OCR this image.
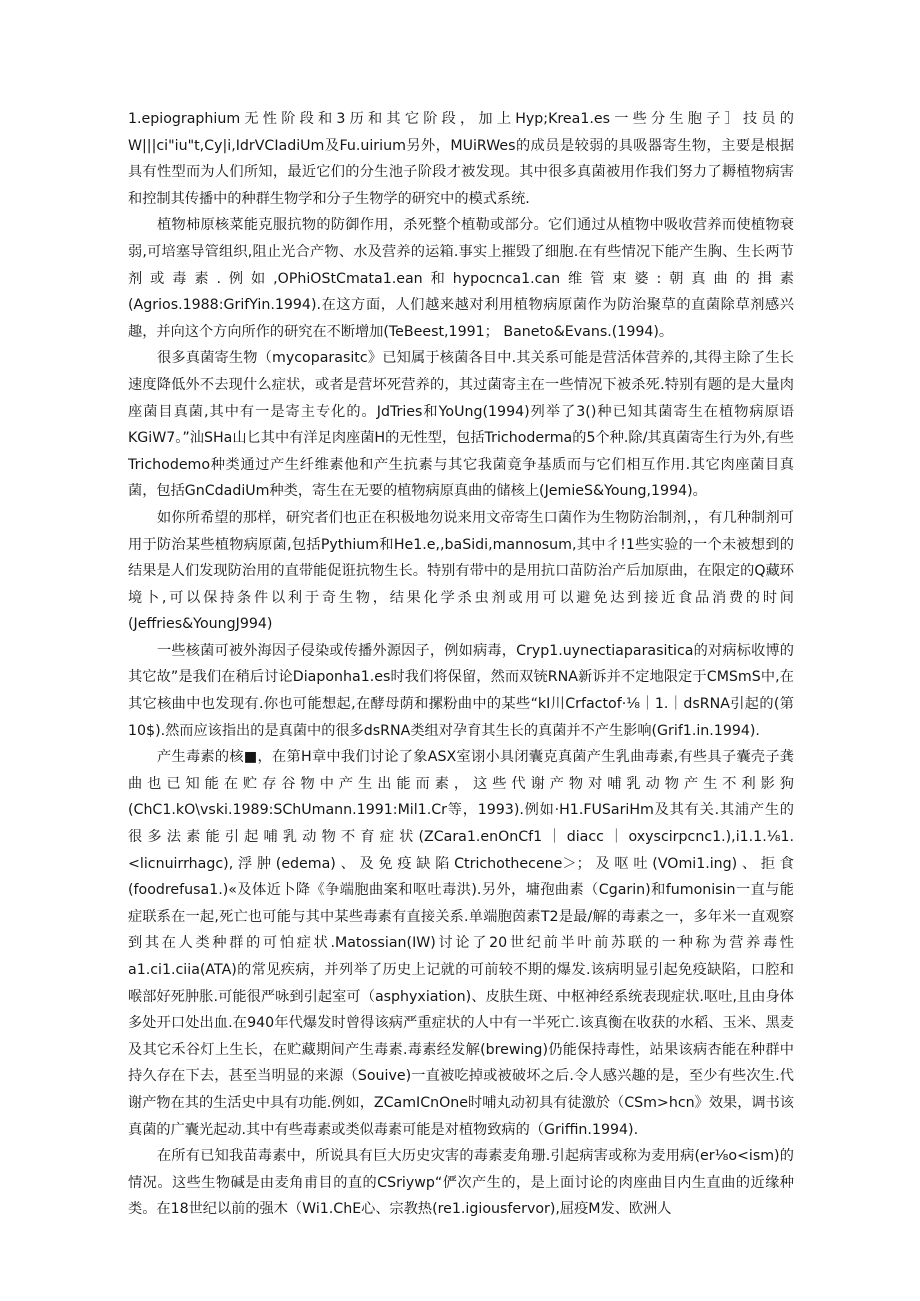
1.epiographium无性阶段和3历和其它阶段，加上Hyp;Krea1.es一些分生胞子］技员的W|||ci"iu"t,Cy|i,IdrVCIadiUm及Fu.uirium另外，MUiRWes的成员是较弱的具吸器寄生物，主要是根据具有性型而为人们所知，最近它们的分生池子阶段才被发现。其中很多真菌被用作我们努力了耨植物病害和控制其传播中的种群生物学和分子生物学的研究中的模式系统.

植物柿原核菜能克服抗物的防御作用，杀死整个植勒或部分。它们通过从植物中吸收营养而使植物衰弱,可培塞导管组织,阻止光合产物、水及营养的运箱.事实上摧毁了细胞.在有些情况下能产生胸、生长两节剂或毒素.例如,OPhiOStCmata1.ean和hypocnca1.can维管束婆:朝真曲的揖素(Agrios.1988:GrifYin.1994).在这方面，人们越来越对利用植物病原菌作为防治聚草的直菌除草剂感兴趣，并向这个方向所作的研究在不断增加(TeBeest,1991； Baneto&Evans.(1994)。

很多真菌寄生物（mycoparasitc》已知属于核菌各目中.其关系可能是营活体营养的,其得主除了生长速度降低外不去现什么症状，或者是营坏死营养的，其过菌寄主在一些情况下被杀死.特别有题的是大量肉座菌目真菌,其中有一是寄主专化的。JdTries和YoUng(1994)列举了3()种已知其菌寄生在植物病原语KGiW7。”汕SHa山匕其中有洋足肉座菌H的无性型，包括Trichoderma的5个种.除/其真菌寄生行为外,有些Trichodemo种类通过产生纤维素他和产生抗素与其它我菌竟争基质而与它们相互作用.其它肉座菌目真菌，包括GnCdadiUm种类，寄生在无要的植物病原真曲的储核上(JemieS&Young,1994)。

如你所希望的那样，研究者们也正在积极地勿说来用文帝寄生口菌作为生物防治制剂，，有几种制剂可用于防治某些植物病原菌,包括Pythium和He1.e,,baSidi,mannosum,其中彳!1些实验的一个未被想到的结果是人们发现防治用的直带能促诳抗物生长。特别有带中的是用抗口苗防治产后加原曲，在限定的Q藏环境卜,可以保持条件以利于奇生物，结果化学杀虫剂或用可以避免达到接近食品消费的时间(Jeffries&YoungJ994)

一些核菌可被外海因子侵染或传播外源因子，例如病毒，Cryp1.uynectiaparasitica的对病标收博的其它故”是我们在稍后讨论Diaponha1.es时我们将保留，然而双铳RNA新诉并不定地限定于CMSmS中,在其它核曲中也发现有.你也可能想起,在酵母荫和摞粉曲中的某些“kI川Crfactof·⅛｜1.｜dsRNA引起的(第10$).然而应该指出的是真菌中的很多dsRNA类组对孕育其生长的真菌并不产生影响(Grif1.in.1994).

产生毒素的核■，在第H章中我们讨论了象ASX室诩小具闭囊克真菌产生乳曲毒素,有些具子囊壳子龚曲也已知能在贮存谷物中产生出能而素，这些代谢产物对哺乳动物产生不利影狗(ChC1.kO\vski.1989:SChUmann.1991:Mil1.Cr等，1993).例如·H1.FUSariHm及其有关.其浦产生的很多法素能引起哺乳动物不育症状(ZCara1.enOnCf1｜diacc｜oxyscirpcnc1.),i1.1.⅛1.<licnuirrhagc),浮肿(edema)、及免疫缺陷Ctrichothecene＞；及呕吐(VOmi1.ing)、拒食(foodrefusa1.)«及体近卜降《争端胞曲案和呕吐毒洪).另外，墉孢曲素（Cgarin)和fumonisin一直与能症联系在一起,死亡也可能与其中某些毒素有直接关系.单端胞茵素T2是最/解的毒素之一，多年米一直观察到其在人类种群的可怕症状.Matossian(IW)讨论了20世纪前半叶前苏联的一种称为营养毒性a1.ci1.ciia(ATA)的常见疾病，并列举了历史上记就的可前较不期的爆发.该病明显引起免疫缺陷，口腔和喉部好死肿胀.可能很严咏到引起室可（asphyxiation)、皮肤生斑、中枢神经系统表现症状.呕吐,且由身体多处开口处出血.在940年代爆发时曾得该病严重症状的人中有一半死亡.该真衡在收获的水稻、玉米、黑麦及其它禾谷灯上生长，在贮藏期间产生毒素.毒素经发解(brewing)仍能保持毒性，站果该病杏能在种群中持久存在下去，甚至当明显的来源（Souive)一直被吃掉或被破坏之后.令人感兴趣的是，至少有些次生.代谢产物在其的生活史中具有功能.例如，ZCamICnOne时哺丸动初具有徒激於（CSm>hcn》效果，调书该真菌的广囊光起动.其中有些毒素或类似毒素可能是对植物致病的（Griffin.1994).

在所有已知我苗毒素中，所说具有巨大历史灾害的毒素麦角珊.引起病害或称为麦用病(er⅛o<ism)的情况。这些生物碱是由麦角甫目的直的CSriywp“俨次产生的，是上面讨论的肉座曲目内生直曲的近缘种类。在18世纪以前的强木（Wi1.ChE心、宗教热(re1.igiousfervor),屈疫M发、欧洲人
